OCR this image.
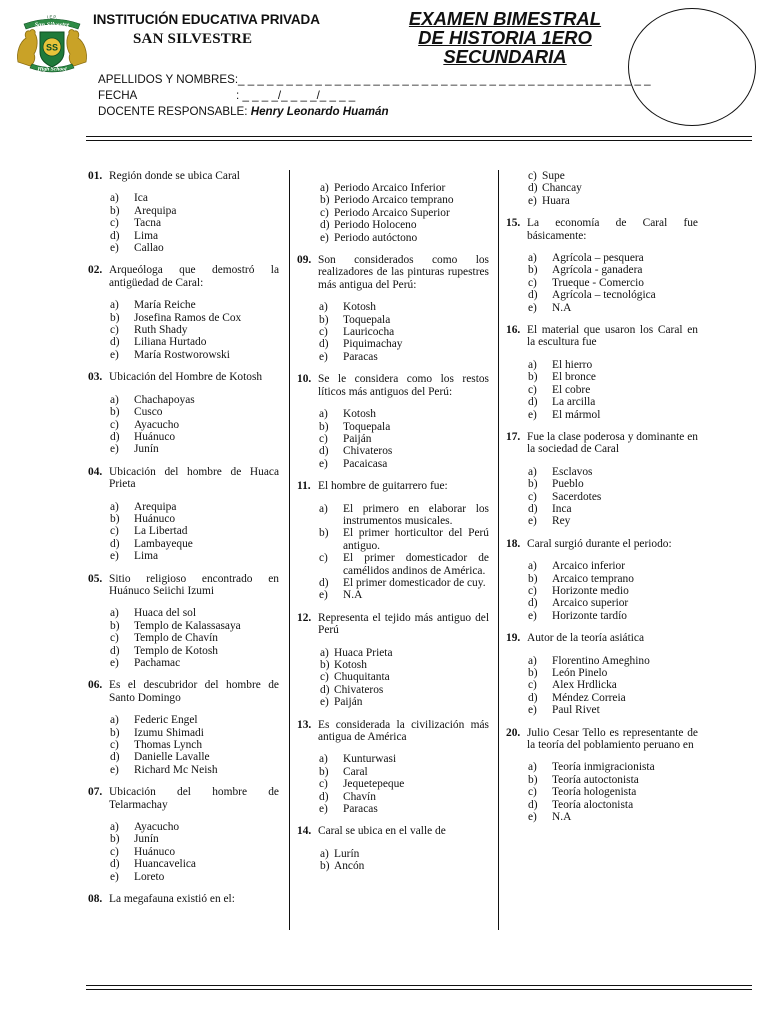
SS
San Silvestre
I.E.P.
High School
INSTITUCIÓN EDUCATIVA PRIVADA
SAN SILVESTRE
EXAMEN BIMESTRAL
DE HISTORIA 1ERO
SECUNDARIA
APELLIDOS Y NOMBRES:_ _ _ _ _ _ _ _ _ _ _ _ _ _ _ _ _ _ _ _ _ _ _ _ _ _ _ _ _ _ _ _ _ _ _ _ _ _ _ _ _ _ _
FECHA	: _ _ _ _/_ _ _ _/_ _ _ _
DOCENTE RESPONSABLE: Henry Leonardo Huamán
01. Región donde se ubica Caral
a) Ica
b) Arequipa
c) Tacna
d) Lima
e) Callao
02. Arqueóloga que demostró la antigüedad de Caral:
a) María Reiche
b) Josefina Ramos de Cox
c) Ruth Shady
d) Liliana Hurtado
e) María Rostworowski
03. Ubicación del Hombre de Kotosh
a) Chachapoyas
b) Cusco
c) Ayacucho
d) Huánuco
e) Junín
04. Ubicación del hombre de Huaca Prieta
a) Arequipa
b) Huánuco
c) La Libertad
d) Lambayeque
e) Lima
05. Sitio religioso encontrado en Huánuco Seiichi Izumi
a) Huaca del sol
b) Templo de Kalassasaya
c) Templo de Chavín
d) Templo de Kotosh
e) Pachamac
06. Es el descubridor del hombre de Santo Domingo
a) Federic Engel
b) Izumu Shimadi
c) Thomas Lynch
d) Danielle Lavalle
e) Richard Mc Neish
07. Ubicación del hombre de Telarmachay
a) Ayacucho
b) Junín
c) Huánuco
d) Huancavelica
e) Loreto
08. La megafauna existió en el:
a) Periodo Arcaico Inferior
b) Periodo Arcaico temprano
c) Periodo Arcaico Superior
d) Periodo Holoceno
e) Periodo autóctono
09. Son considerados como los realizadores de las pinturas rupestres más antigua del Perú:
a) Kotosh
b) Toquepala
c) Lauricocha
d) Piquimachay
e) Paracas
10. Se le considera como los restos líticos más antiguos del Perú:
a) Kotosh
b) Toquepala
c) Paiján
d) Chivateros
e) Pacaicasa
11. El hombre de guitarrero fue:
a) El primero en elaborar los instrumentos musicales.
b) El primer horticultor del Perú antiguo.
c) El primer domesticador de camélidos andinos de América.
d) El primer domesticador de cuy.
e) N.A
12. Representa el tejido más antiguo del Perú
a) Huaca Prieta
b) Kotosh
c) Chuquitanta
d) Chivateros
e) Paiján
13. Es considerada la civilización más antigua de América
a) Kunturwasi
b) Caral
c) Jequetepeque
d) Chavín
e) Paracas
14. Caral se ubica en el valle de
a) Lurín
b) Ancón
c) Supe
d) Chancay
e) Huara
15. La economía de Caral fue básicamente:
a) Agrícola – pesquera
b) Agrícola - ganadera
c) Trueque - Comercio
d) Agrícola – tecnológica
e) N.A
16. El material que usaron los Caral en la escultura fue
a) El hierro
b) El bronce
c) El cobre
d) La arcilla
e) El mármol
17. Fue la clase poderosa y dominante en la sociedad de Caral
a) Esclavos
b) Pueblo
c) Sacerdotes
d) Inca
e) Rey
18. Caral surgió durante el periodo:
a) Arcaico inferior
b) Arcaico temprano
c) Horizonte medio
d) Arcaico superior
e) Horizonte tardío
19. Autor de la teoría asiática
a) Florentino Ameghino
b) León Pinelo
c) Alex Hrdlicka
d) Méndez Correia
e) Paul Rivet
20. Julio Cesar Tello es representante de la teoría del poblamiento peruano en
a) Teoría inmigracionista
b) Teoría autoctonista
c) Teoría hologenista
d) Teoría aloctonista
e) N.A
